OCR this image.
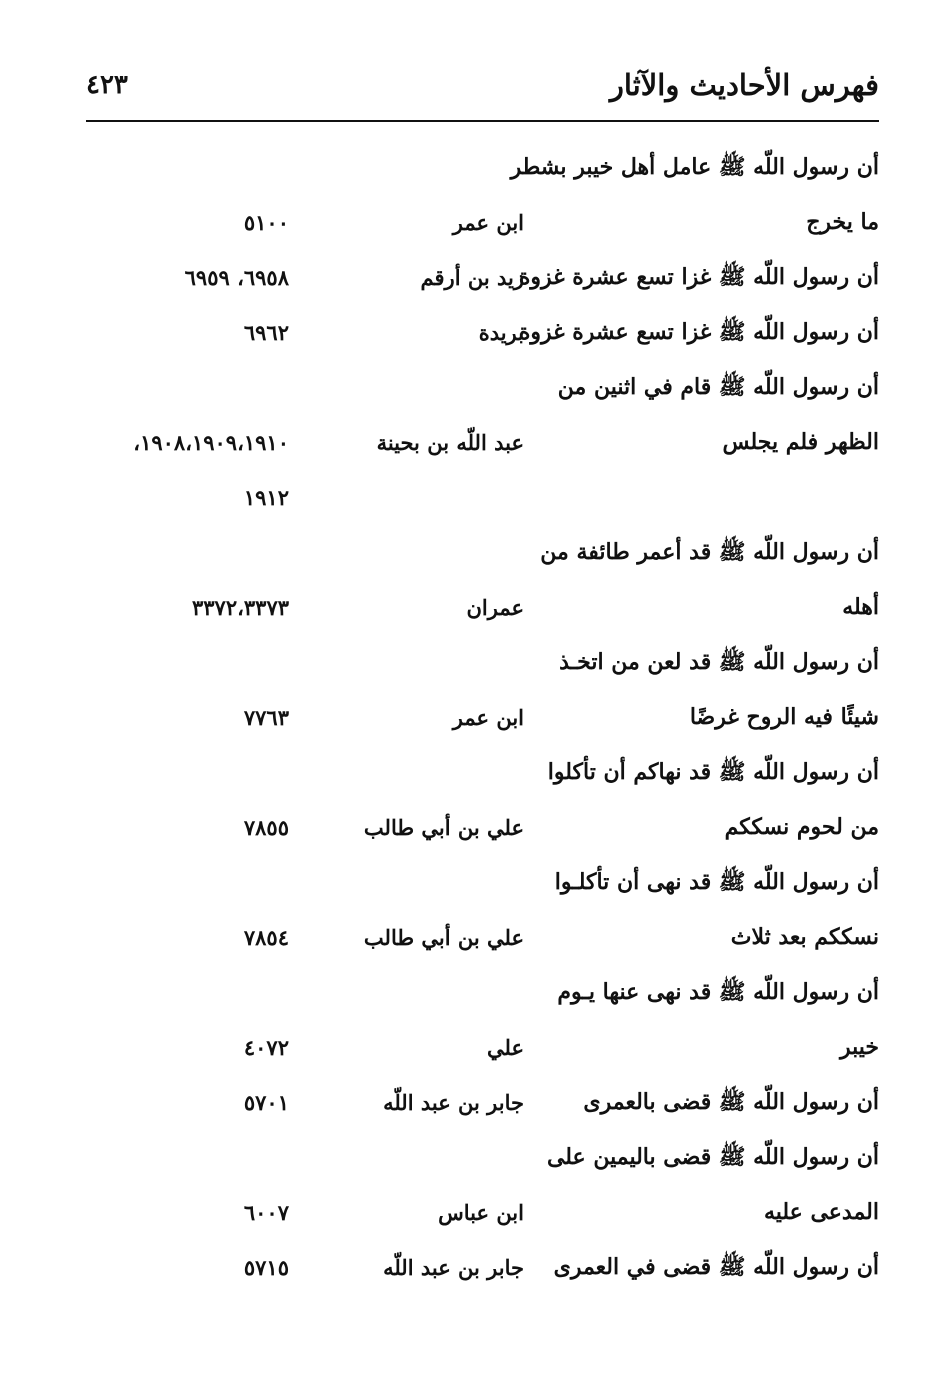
فهرس الأحاديث والآثار
٤٢٣
أن رسول اللّه ﷺ عامل أهل خيبر بشطر
ما يخرج
ابن عمر
٥١٠٠
أن رسول اللّه ﷺ غزا تسع عشرة غزوة
زيد بن أرقم
٦٩٥٨، ٦٩٥٩
أن رسول اللّه ﷺ غزا تسع عشرة غزوة
بريدة
٦٩٦٢
أن رسول اللّه ﷺ قام في اثنين من
الظهر فلم يجلس
عبد اللّه بن بحينة
١٩٠٨،١٩٠٩،١٩١٠،
١٩١٢
أن رسول اللّه ﷺ قد أعمر طائفة من
أهله
عمران
٣٣٧٢،٣٣٧٣
أن رسول اللّه ﷺ قد لعن من اتخـذ
شيئًا فيه الروح غرضًا
ابن عمر
٧٧٦٣
أن رسول اللّه ﷺ قد نهاكم أن تأكلوا
من لحوم نسككم
علي بن أبي طالب
٧٨٥٥
أن رسول اللّه ﷺ قد نهى أن تأكلـوا
نسككم بعد ثلاث
علي بن أبي طالب
٧٨٥٤
أن رسول اللّه ﷺ قد نهى عنها يـوم
خيبر
علي
٤٠٧٢
أن رسول اللّه ﷺ قضى بالعمرى
جابر بن عبد اللّه
٥٧٠١
أن رسول اللّه ﷺ قضى باليمين على
المدعى عليه
ابن عباس
٦٠٠٧
أن رسول اللّه ﷺ قضى في العمرى
جابر بن عبد اللّه
٥٧١٥
